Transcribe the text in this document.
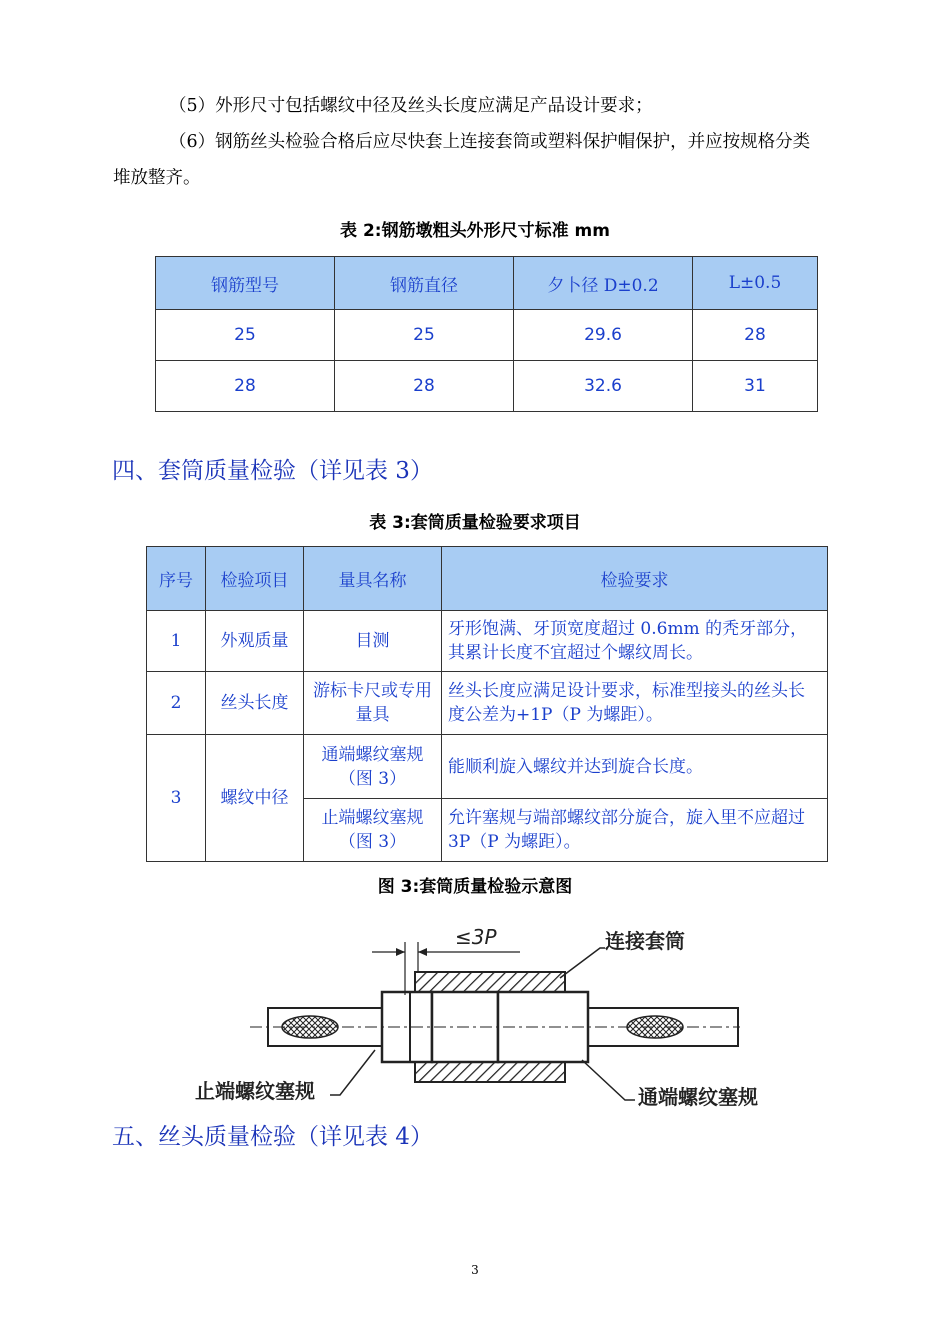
（5）外形尺寸包括螺纹中径及丝头长度应满足产品设计要求；
（6）钢筋丝头检验合格后应尽快套上连接套筒或塑料保护帽保护，并应按规格分类
堆放整齐。
表 2:钢筋墩粗头外形尺寸标准 mm
钢筋型号	钢筋直径	夕卜径 D±0.2	L±0.5
25	25	29.6	28
28	28	32.6	31
四、套筒质量检验（详见表 3）
表 3:套筒质量检验要求项目
序号	检验项目	量具名称	检验要求
1	外观质量	目测	牙形饱满、牙顶宽度超过 0.6mm 的秃牙部分，其累计长度不宜超过个螺纹周长。
2	丝头长度	游标卡尺或专用量具	丝头长度应满足设计要求，标准型接头的丝头长度公差为+1P（P 为螺距）。
3	螺纹中径	通端螺纹塞规（图 3）	能顺利旋入螺纹并达到旋合长度。
		止端螺纹塞规（图 3）	允许塞规与端部螺纹部分旋合，旋入里不应超过 3P（P 为螺距）。
图 3:套筒质量检验示意图
≤3P	连接套筒
通端螺纹塞规
止端螺纹塞规
五、丝头质量检验（详见表 4）
3
